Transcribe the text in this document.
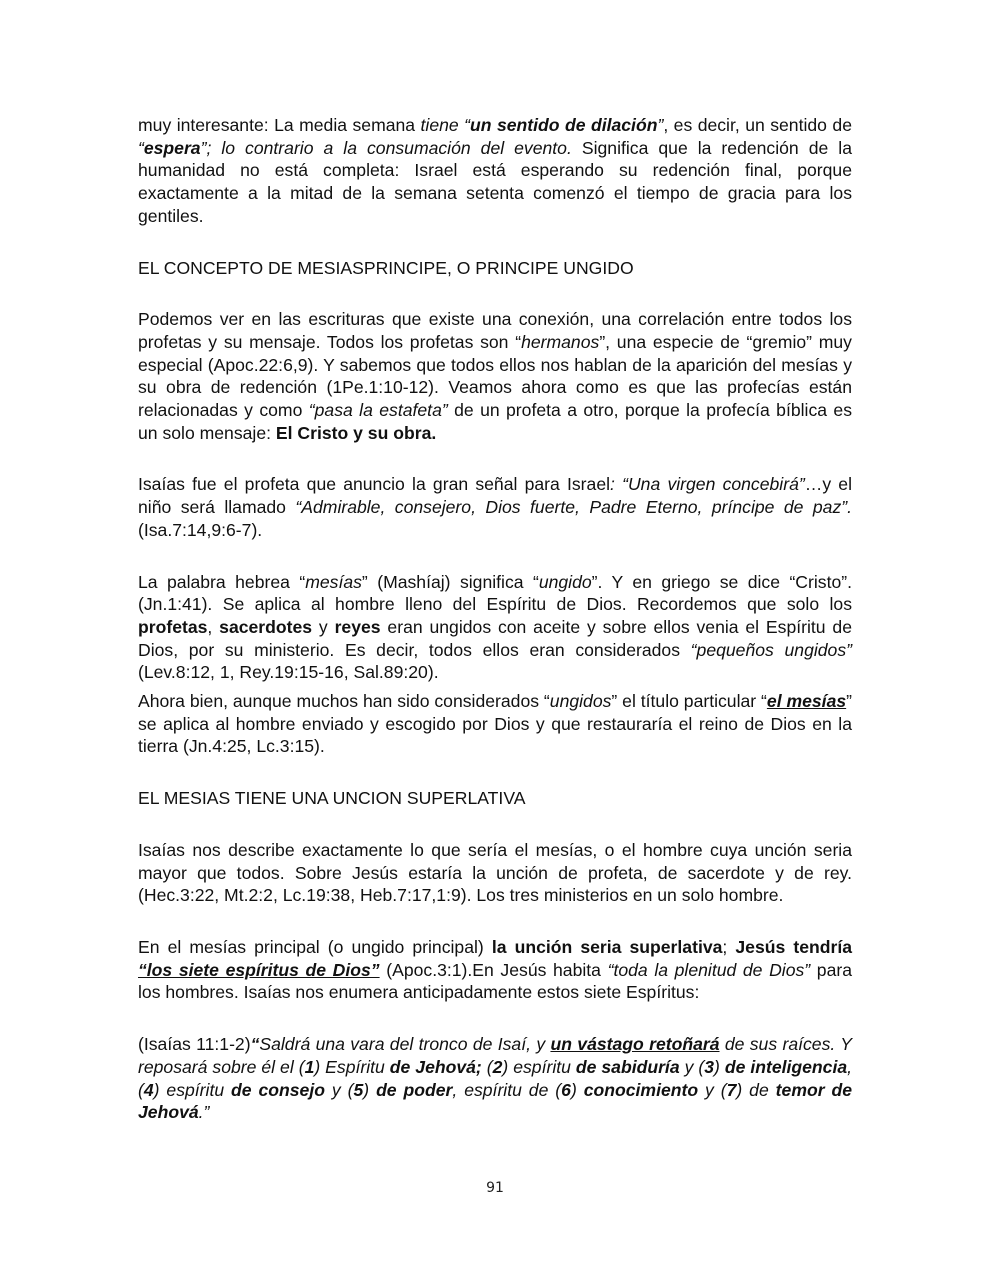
muy interesante: La media semana tiene “un sentido de dilación”, es decir, un sentido de “espera”; lo contrario a la consumación del evento. Significa que la redención de la humanidad no está completa: Israel está esperando su redención final, porque exactamente a la mitad de la semana setenta comenzó el tiempo de gracia para los gentiles.

EL CONCEPTO DE MESIASPRINCIPE, O PRINCIPE UNGIDO

Podemos ver en las escrituras que existe una conexión, una correlación entre todos los profetas y su mensaje. Todos los profetas son “hermanos”, una especie de “gremio” muy especial (Apoc.22:6,9). Y sabemos que todos ellos nos hablan de la aparición del mesías y su obra de redención (1Pe.1:10-12). Veamos ahora como es que las profecías están relacionadas y como “pasa la estafeta” de un profeta a otro, porque la profecía bíblica es un solo mensaje: El Cristo y su obra.

Isaías fue el profeta que anuncio la gran señal para Israel: “Una virgen concebirá”…y el niño será llamado “Admirable, consejero, Dios fuerte, Padre Eterno, príncipe de paz”. (Isa.7:14,9:6-7).

La palabra hebrea “mesías” (Mashíaj) significa “ungido”. Y en griego se dice “Cristo”.(Jn.1:41). Se aplica al hombre lleno del Espíritu de Dios. Recordemos que solo los profetas, sacerdotes y reyes eran ungidos con aceite y sobre ellos venia el Espíritu de Dios, por su ministerio. Es decir, todos ellos eran considerados “pequeños ungidos” (Lev.8:12, 1, Rey.19:15-16, Sal.89:20).

Ahora bien, aunque muchos han sido considerados “ungidos” el título particular “el mesías” se aplica al hombre enviado y escogido por Dios y que restauraría el reino de Dios en la tierra (Jn.4:25, Lc.3:15).

EL MESIAS TIENE UNA UNCION SUPERLATIVA

Isaías nos describe exactamente lo que sería el mesías, o el hombre cuya unción seria mayor que todos. Sobre Jesús estaría la unción de profeta, de sacerdote y de rey. (Hec.3:22, Mt.2:2, Lc.19:38, Heb.7:17,1:9). Los tres ministerios en un solo hombre.

En el mesías principal (o ungido principal) la unción seria superlativa; Jesús tendría “los siete espíritus de Dios” (Apoc.3:1).En Jesús habita “toda la plenitud de Dios” para los hombres. Isaías nos enumera anticipadamente estos siete Espíritus:

(Isaías 11:1-2)“Saldrá una vara del tronco de Isaí, y un vástago retoñará de sus raíces. Y reposará sobre él el (1) Espíritu de Jehová; (2) espíritu de sabiduría y (3) de inteligencia, (4) espíritu de consejo y (5) de poder, espíritu de (6) conocimiento y (7) de temor de Jehová.”

91
